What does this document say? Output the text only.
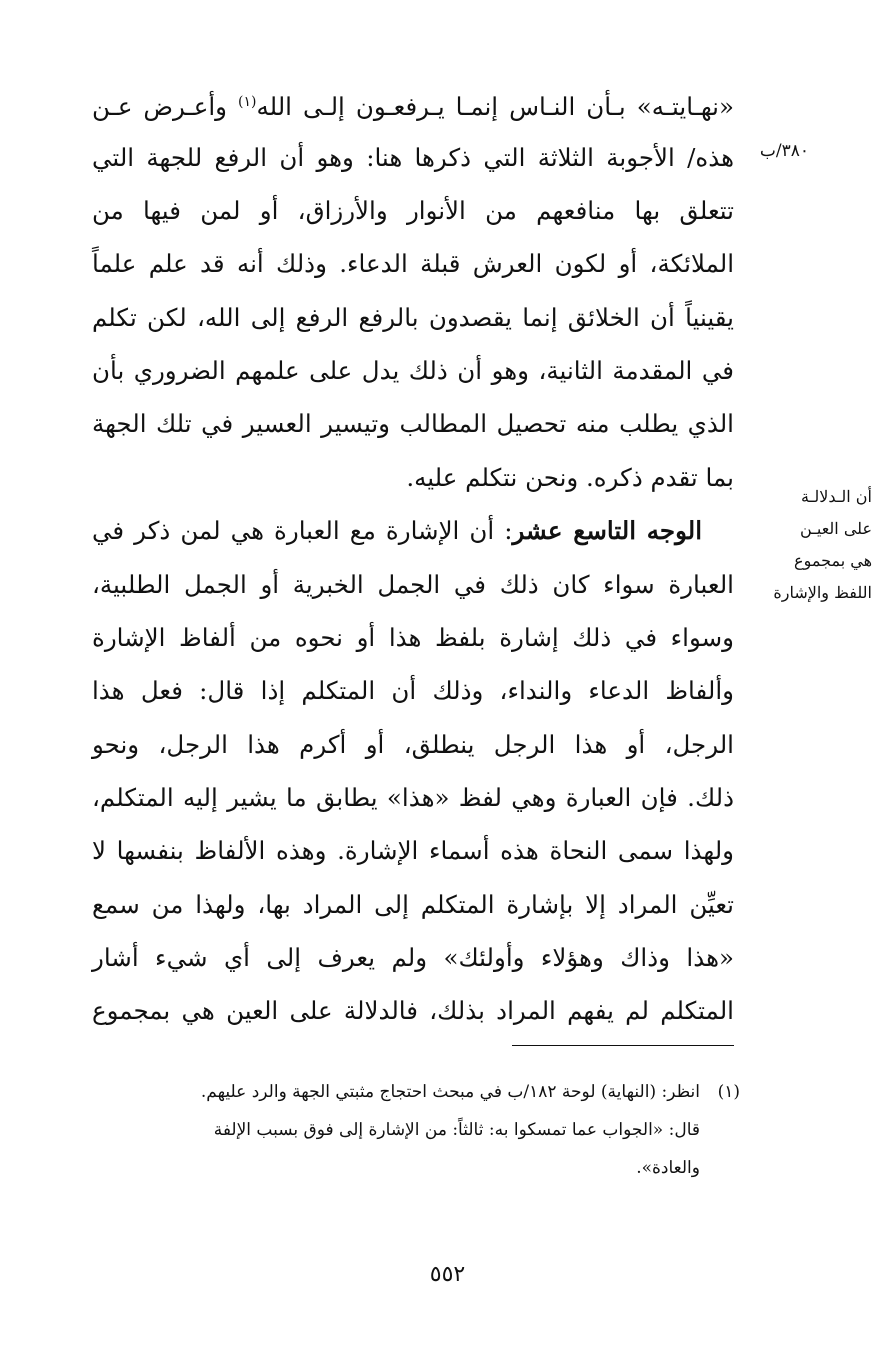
٣٨٠/ب
أن الـدلالـة
على العيـن
هي بمجموع
اللفظ والإشارة
«نهـايتـه» بـأن النـاس إنمـا يـرفعـون إلـى الله$^{(١)}$ وأعـرض عـن
هذه/ الأجوبة الثلاثة التي ذكرها هنا: وهو أن الرفع للجهة التي
تتعلق بها منافعهم من الأنوار والأرزاق، أو لمن فيها من
الملائكة، أو لكون العرش قبلة الدعاء. وذلك أنه قد علم علماً
يقينياً أن الخلائق إنما يقصدون بالرفع الرفع إلى الله، لكن تكلم
في المقدمة الثانية، وهو أن ذلك يدل على علمهم الضروري بأن
الذي يطلب منه تحصيل المطالب وتيسير العسير في تلك الجهة
بما تقدم ذكره. ونحن نتكلم عليه.
الوجه التاسع عشر: أن الإشارة مع العبارة هي لمن ذكر في
العبارة سواء كان ذلك في الجمل الخبرية أو الجمل الطلبية،
وسواء في ذلك إشارة بلفظ هذا أو نحوه من ألفاظ الإشارة
وألفاظ الدعاء والنداء، وذلك أن المتكلم إذا قال: فعل هذا
الرجل، أو هذا الرجل ينطلق، أو أكرم هذا الرجل، ونحو
ذلك. فإن العبارة وهي لفظ «هذا» يطابق ما يشير إليه المتكلم،
ولهذا سمى النحاة هذه أسماء الإشارة. وهذه الألفاظ بنفسها لا
تعيِّن المراد إلا بإشارة المتكلم إلى المراد بها، ولهذا من سمع
«هذا وذاك وهؤلاء وأولئك» ولم يعرف إلى أي شيء أشار
المتكلم لم يفهم المراد بذلك، فالدلالة على العين هي بمجموع
(١)
انظر: (النهاية) لوحة ١٨٢/ب في مبحث احتجاج مثبتي الجهة والرد عليهم.
قال: «الجواب عما تمسكوا به: ثالثاً: من الإشارة إلى فوق بسبب الإلفة
والعادة».
٥٥٢
